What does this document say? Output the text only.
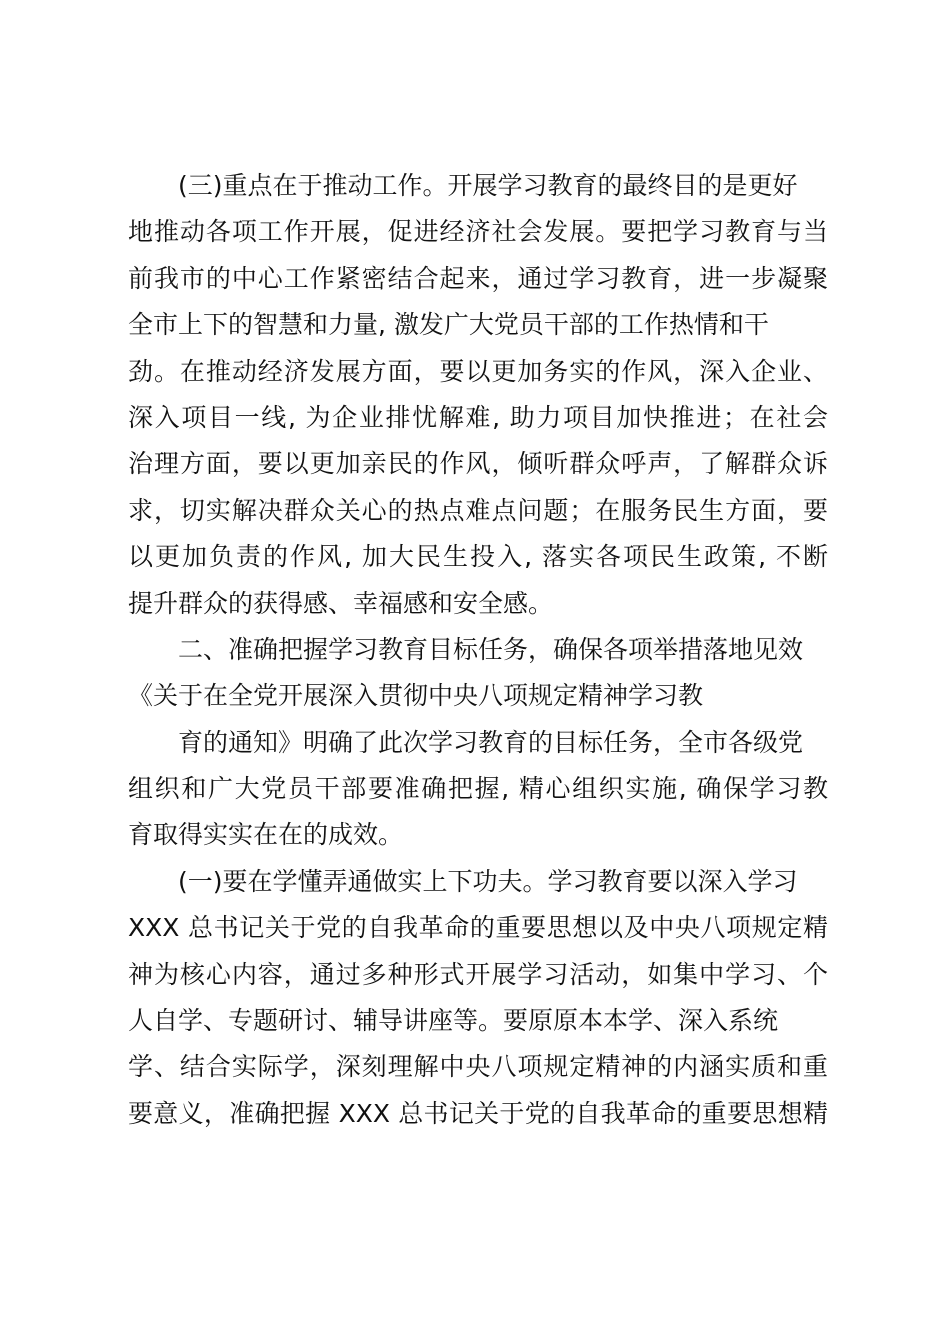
(三)重点在于推动工作。开展学习教育的最终目的是更好
地推动各项工作开展，促进经济社会发展。要把学习教育与当
前我市的中心工作紧密结合起来，通过学习教育，进一步凝聚
全市上下的智慧和力量, 激发广大党员干部的工作热情和干
劲。在推动经济发展方面，要以更加务实的作风，深入企业、
深入项目一线, 为企业排忧解难, 助力项目加快推进；在社会
治理方面，要以更加亲民的作风，倾听群众呼声，了解群众诉
求，切实解决群众关心的热点难点问题；在服务民生方面，要
以更加负责的作风, 加大民生投入, 落实各项民生政策, 不断
提升群众的获得感、幸福感和安全感。
二、准确把握学习教育目标任务，确保各项举措落地见效
《关于在全党开展深入贯彻中央八项规定精神学习教
育的通知》明确了此次学习教育的目标任务，全市各级党
组织和广大党员干部要准确把握, 精心组织实施, 确保学习教
育取得实实在在的成效。
(一)要在学懂弄通做实上下功夫。学习教育要以深入学习
XXX 总书记关于党的自我革命的重要思想以及中央八项规定精
神为核心内容，通过多种形式开展学习活动，如集中学习、个
人自学、专题研讨、辅导讲座等。要原原本本学、深入系统
学、结合实际学，深刻理解中央八项规定精神的内涵实质和重
要意义，准确把握 XXX 总书记关于党的自我革命的重要思想精
